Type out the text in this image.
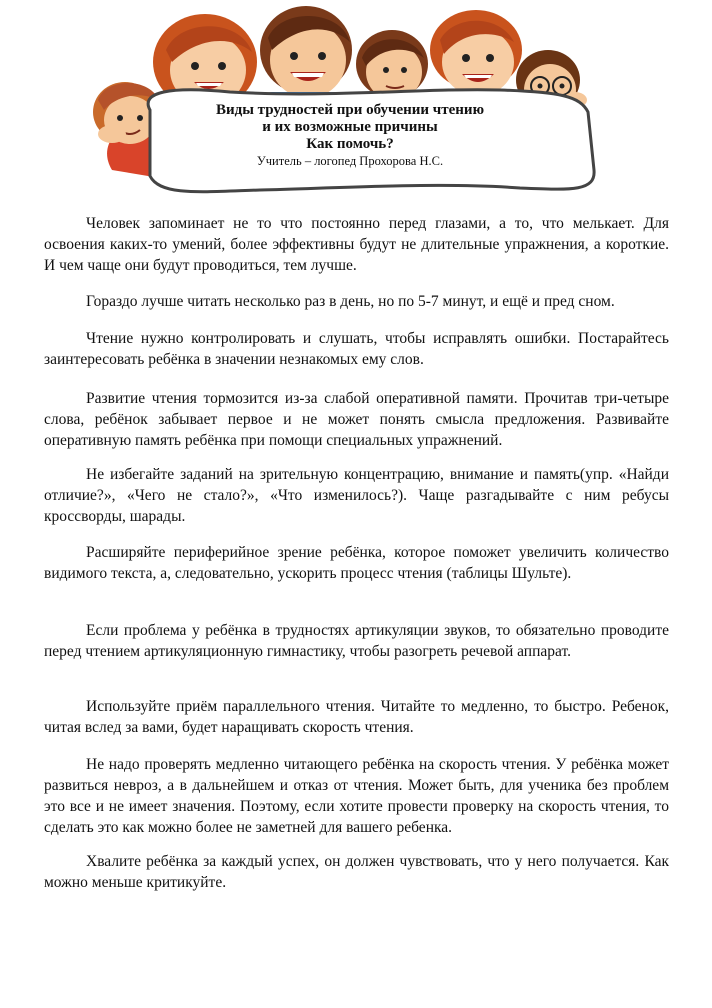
Виды трудностей при обучении чтению
и их возможные причины
Как помочь?
Учитель – логопед Прохорова Н.С.

Человек запоминает не то что постоянно перед глазами, а то, что мелькает. Для освоения каких-то умений, более эффективны будут не длительные упражнения, а короткие. И чем чаще они будут проводиться, тем лучше.

Гораздо лучше читать несколько раз в день, но по 5-7 минут, и ещё и пред сном.

Чтение нужно контролировать и слушать, чтобы исправлять ошибки. Постарайтесь заинтересовать ребёнка в значении незнакомых ему слов.

Развитие чтения тормозится из-за слабой оперативной памяти. Прочитав три-четыре слова, ребёнок забывает первое и не может понять смысла предложения. Развивайте оперативную память ребёнка при помощи специальных упражнений.

Не избегайте заданий на зрительную концентрацию, внимание и память(упр. «Найди отличие?», «Чего не стало?», «Что изменилось?). Чаще разгадывайте с ним ребусы кроссворды, шарады.

Расширяйте периферийное зрение ребёнка, которое поможет увеличить количество видимого текста, а, следовательно, ускорить процесс чтения (таблицы Шульте).

Если проблема у ребёнка в трудностях артикуляции звуков, то обязательно проводите перед чтением артикуляционную гимнастику, чтобы разогреть речевой аппарат.

Используйте приём параллельного чтения. Читайте то медленно, то быстро. Ребенок, читая вслед за вами, будет наращивать скорость чтения.

Не надо проверять медленно читающего ребёнка на скорость чтения. У ребёнка может развиться невроз, а в дальнейшем и отказ от чтения. Может быть, для ученика без проблем это все и не имеет значения. Поэтому, если хотите провести проверку на скорость чтения, то сделать это как можно более не заметней для вашего ребенка.

Хвалите ребёнка за каждый успех, он должен чувствовать, что у него получается. Как можно меньше критикуйте.
